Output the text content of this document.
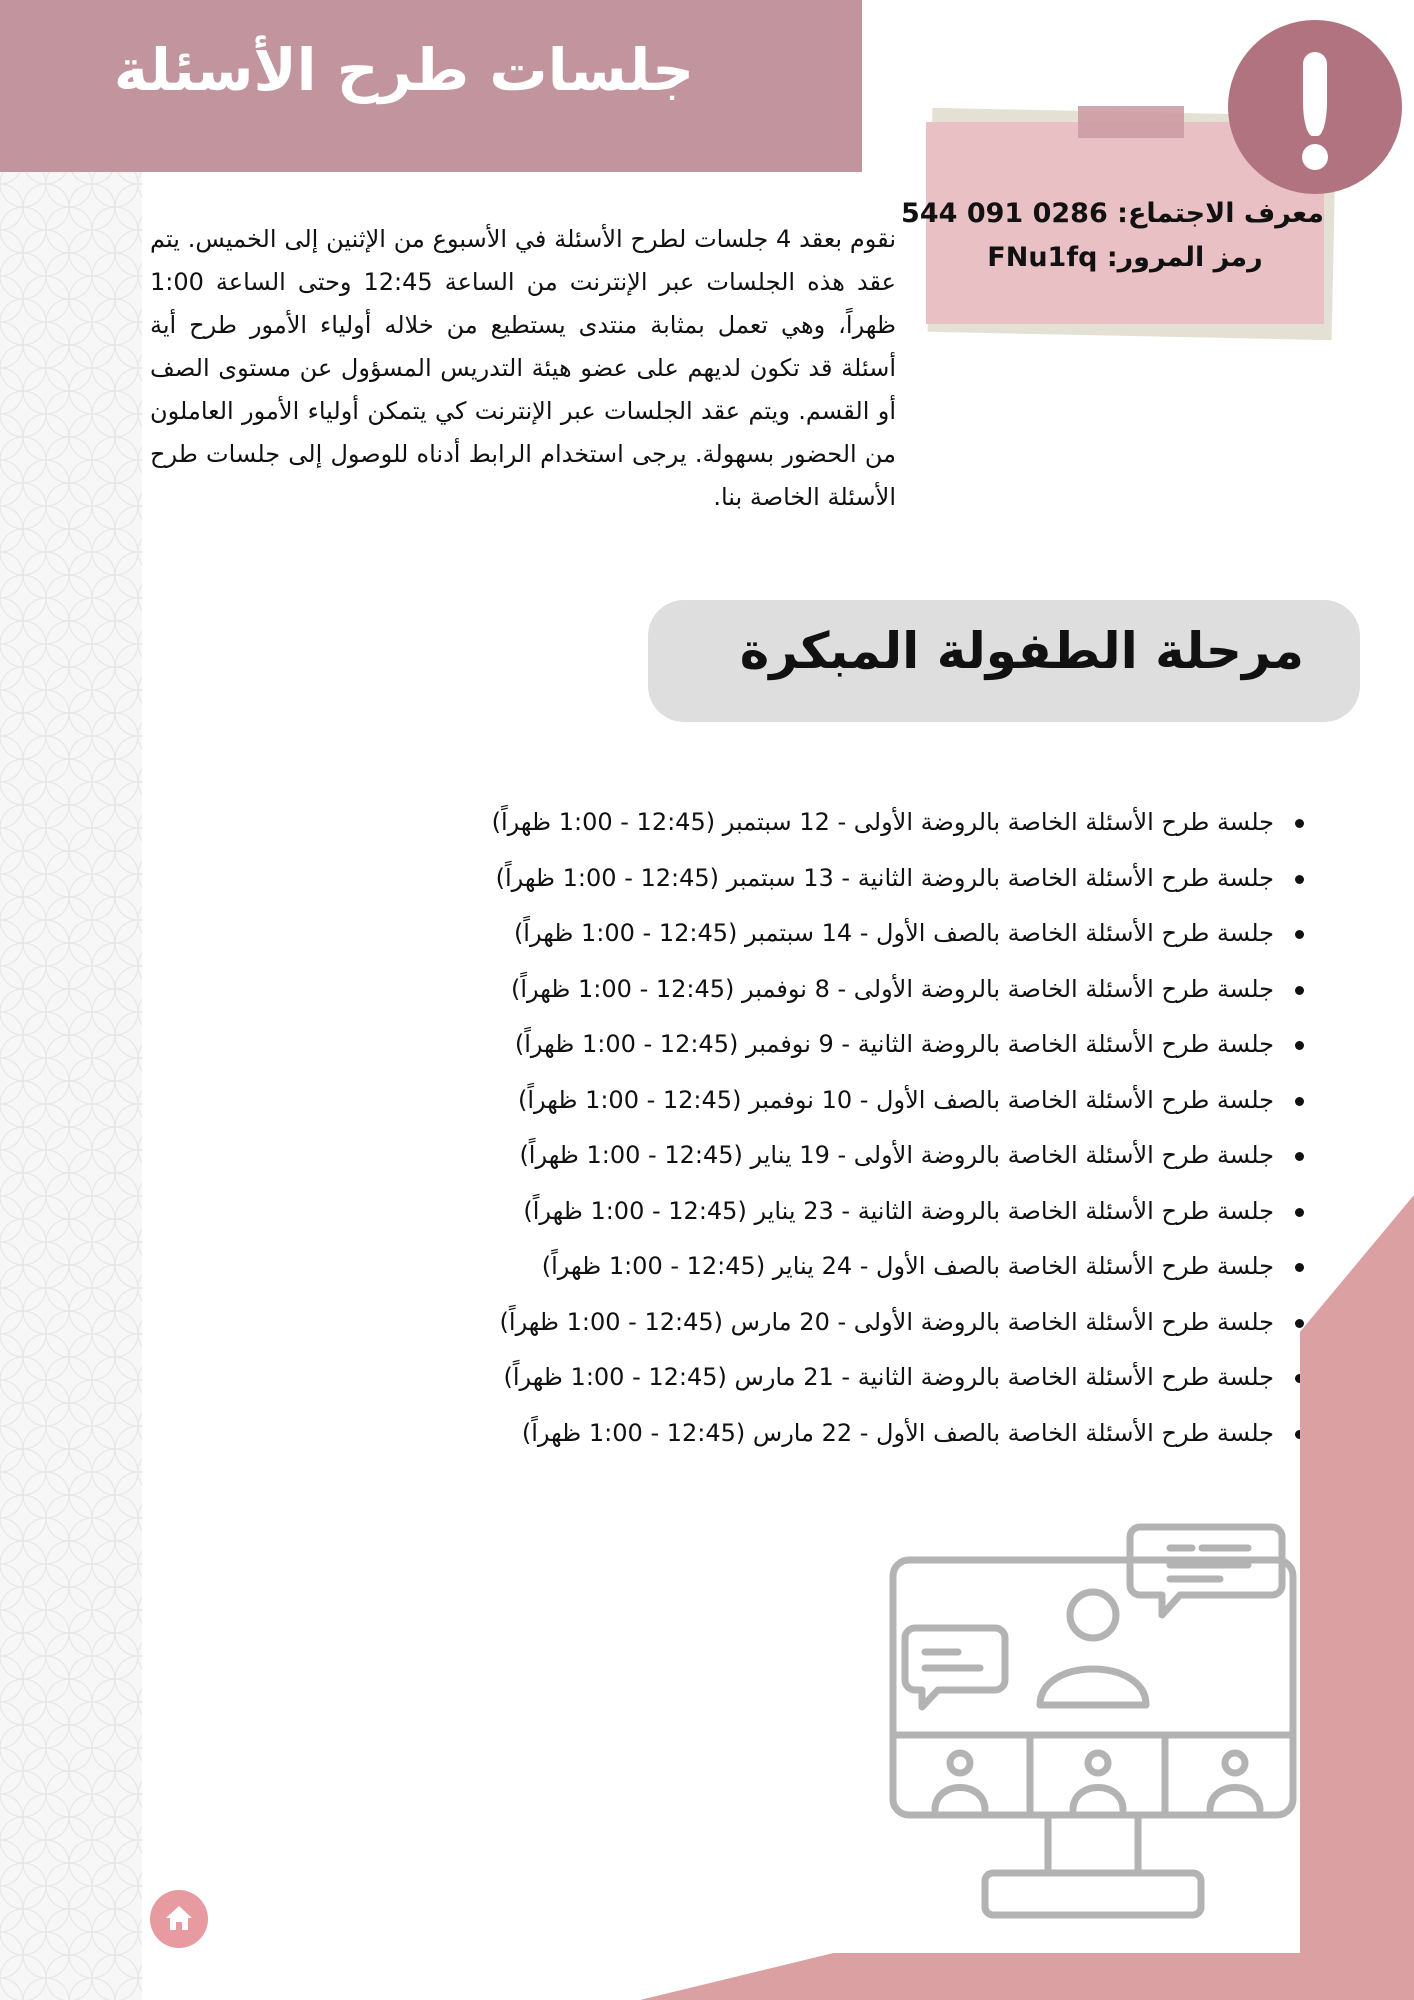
جلسات طرح الأسئلة
معرف الاجتماع: 0286 091 544
رمز المرور: FNu1fq

نقوم بعقد 4 جلسات لطرح الأسئلة في الأسبوع من الإثنين إلى الخميس. يتم عقد هذه الجلسات عبر الإنترنت من الساعة 12:45 وحتى الساعة 1:00 ظهراً، وهي تعمل بمثابة منتدى يستطيع من خلاله أولياء الأمور طرح أية أسئلة قد تكون لديهم على عضو هيئة التدريس المسؤول عن مستوى الصف أو القسم. ويتم عقد الجلسات عبر الإنترنت كي يتمكن أولياء الأمور العاملون من الحضور بسهولة. يرجى استخدام الرابط أدناه للوصول إلى جلسات طرح الأسئلة الخاصة بنا.

مرحلة الطفولة المبكرة
جلسة طرح الأسئلة الخاصة بالروضة الأولى - 12 سبتمبر (12:45 - 1:00 ظهراً)
جلسة طرح الأسئلة الخاصة بالروضة الثانية - 13 سبتمبر (12:45 - 1:00 ظهراً)
جلسة طرح الأسئلة الخاصة بالصف الأول - 14 سبتمبر (12:45 - 1:00 ظهراً)
جلسة طرح الأسئلة الخاصة بالروضة الأولى - 8 نوفمبر (12:45 - 1:00 ظهراً)
جلسة طرح الأسئلة الخاصة بالروضة الثانية - 9 نوفمبر (12:45 - 1:00 ظهراً)
جلسة طرح الأسئلة الخاصة بالصف الأول - 10 نوفمبر (12:45 - 1:00 ظهراً)
جلسة طرح الأسئلة الخاصة بالروضة الأولى - 19 يناير (12:45 - 1:00 ظهراً)
جلسة طرح الأسئلة الخاصة بالروضة الثانية - 23 يناير (12:45 - 1:00 ظهراً)
جلسة طرح الأسئلة الخاصة بالصف الأول - 24 يناير (12:45 - 1:00 ظهراً)
جلسة طرح الأسئلة الخاصة بالروضة الأولى - 20 مارس (12:45 - 1:00 ظهراً)
جلسة طرح الأسئلة الخاصة بالروضة الثانية - 21 مارس (12:45 - 1:00 ظهراً)
جلسة طرح الأسئلة الخاصة بالصف الأول - 22 مارس (12:45 - 1:00 ظهراً)
